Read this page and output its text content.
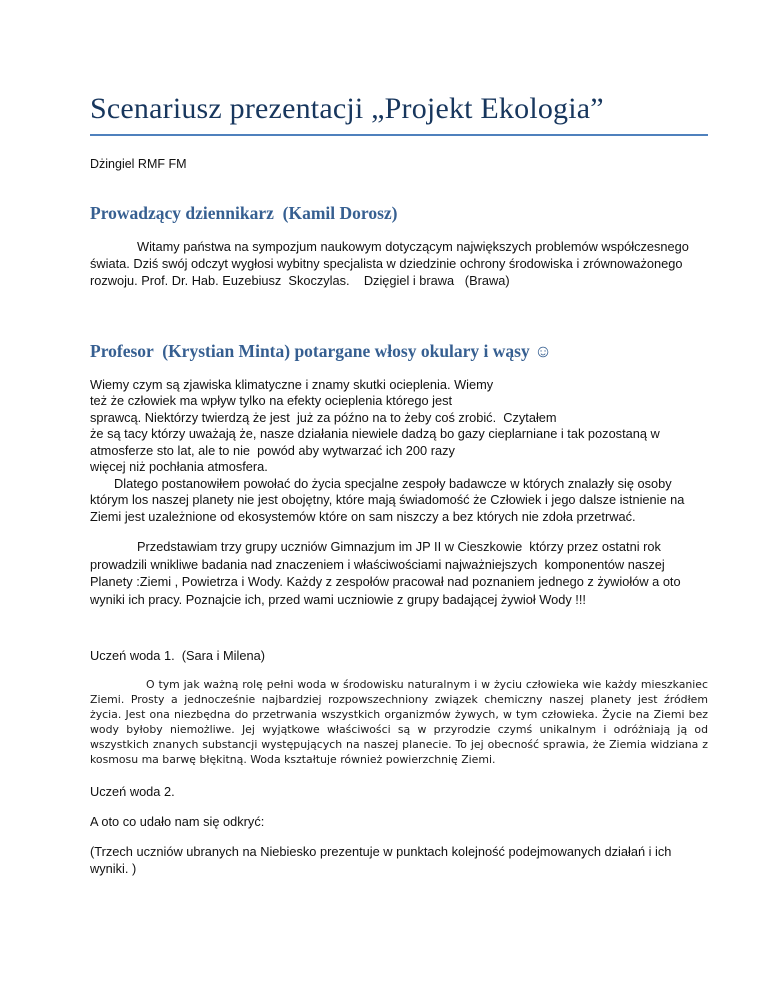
Scenariusz prezentacji „Projekt Ekologia”

Dżingiel RMF FM

Prowadzący dziennikarz  (Kamil Dorosz)

Witamy państwa na sympozjum naukowym dotyczącym największych problemów współczesnego świata. Dziś swój odczyt wygłosi wybitny specjalista w dziedzinie ochrony środowiska i zrównoważonego rozwoju. Prof. Dr. Hab. Euzebiusz  Skoczylas.    Dzięgiel i brawa   (Brawa)

Profesor  (Krystian Minta) potargane włosy okulary i wąsy ☺
Wiemy czym są zjawiska klimatyczne i znamy skutki ocieplenia. Wiemy
też że człowiek ma wpływ tylko na efekty ocieplenia którego jest
sprawcą. Niektórzy twierdzą że jest  już za późno na to żeby coś zrobić.  Czytałem
że są tacy którzy uważają że, nasze działania niewiele dadzą bo gazy cieplarniane i tak pozostaną w
atmosferze sto lat, ale to nie  powód aby wytwarzać ich 200 razy
więcej niż pochłania atmosfera.

Dlatego postanowiłem powołać do życia specjalne zespoły badawcze w których znalazły się osoby którym los naszej planety nie jest obojętny, które mają świadomość że Człowiek i jego dalsze istnienie na Ziemi jest uzależnione od ekosystemów które on sam niszczy a bez których nie zdoła przetrwać.

Przedstawiam trzy grupy uczniów Gimnazjum im JP II w Cieszkowie  którzy przez ostatni rok prowadzili wnikliwe badania nad znaczeniem i właściwościami najważniejszych  komponentów naszej Planety :Ziemi , Powietrza i Wody. Każdy z zespołów pracował nad poznaniem jednego z żywiołów a oto wyniki ich pracy. Poznajcie ich, przed wami uczniowie z grupy badającej żywioł Wody !!!

Uczeń woda 1.  (Sara i Milena)

O tym jak ważną rolę pełni woda w środowisku naturalnym i w życiu człowieka wie każdy mieszkaniec Ziemi. Prosty a jednocześnie najbardziej rozpowszechniony związek chemiczny naszej planety jest źródłem życia. Jest ona niezbędna do przetrwania wszystkich organizmów żywych, w tym człowieka. Życie na Ziemi bez wody byłoby niemożliwe. Jej wyjątkowe właściwości są w przyrodzie czymś unikalnym i odróżniają ją od wszystkich znanych substancji występujących na naszej planecie. To jej obecność sprawia, że Ziemia widziana z kosmosu ma barwę błękitną. Woda kształtuje również powierzchnię Ziemi.

Uczeń woda 2.

A oto co udało nam się odkryć:

(Trzech uczniów ubranych na Niebiesko prezentuje w punktach kolejność podejmowanych działań i ich wyniki. )
